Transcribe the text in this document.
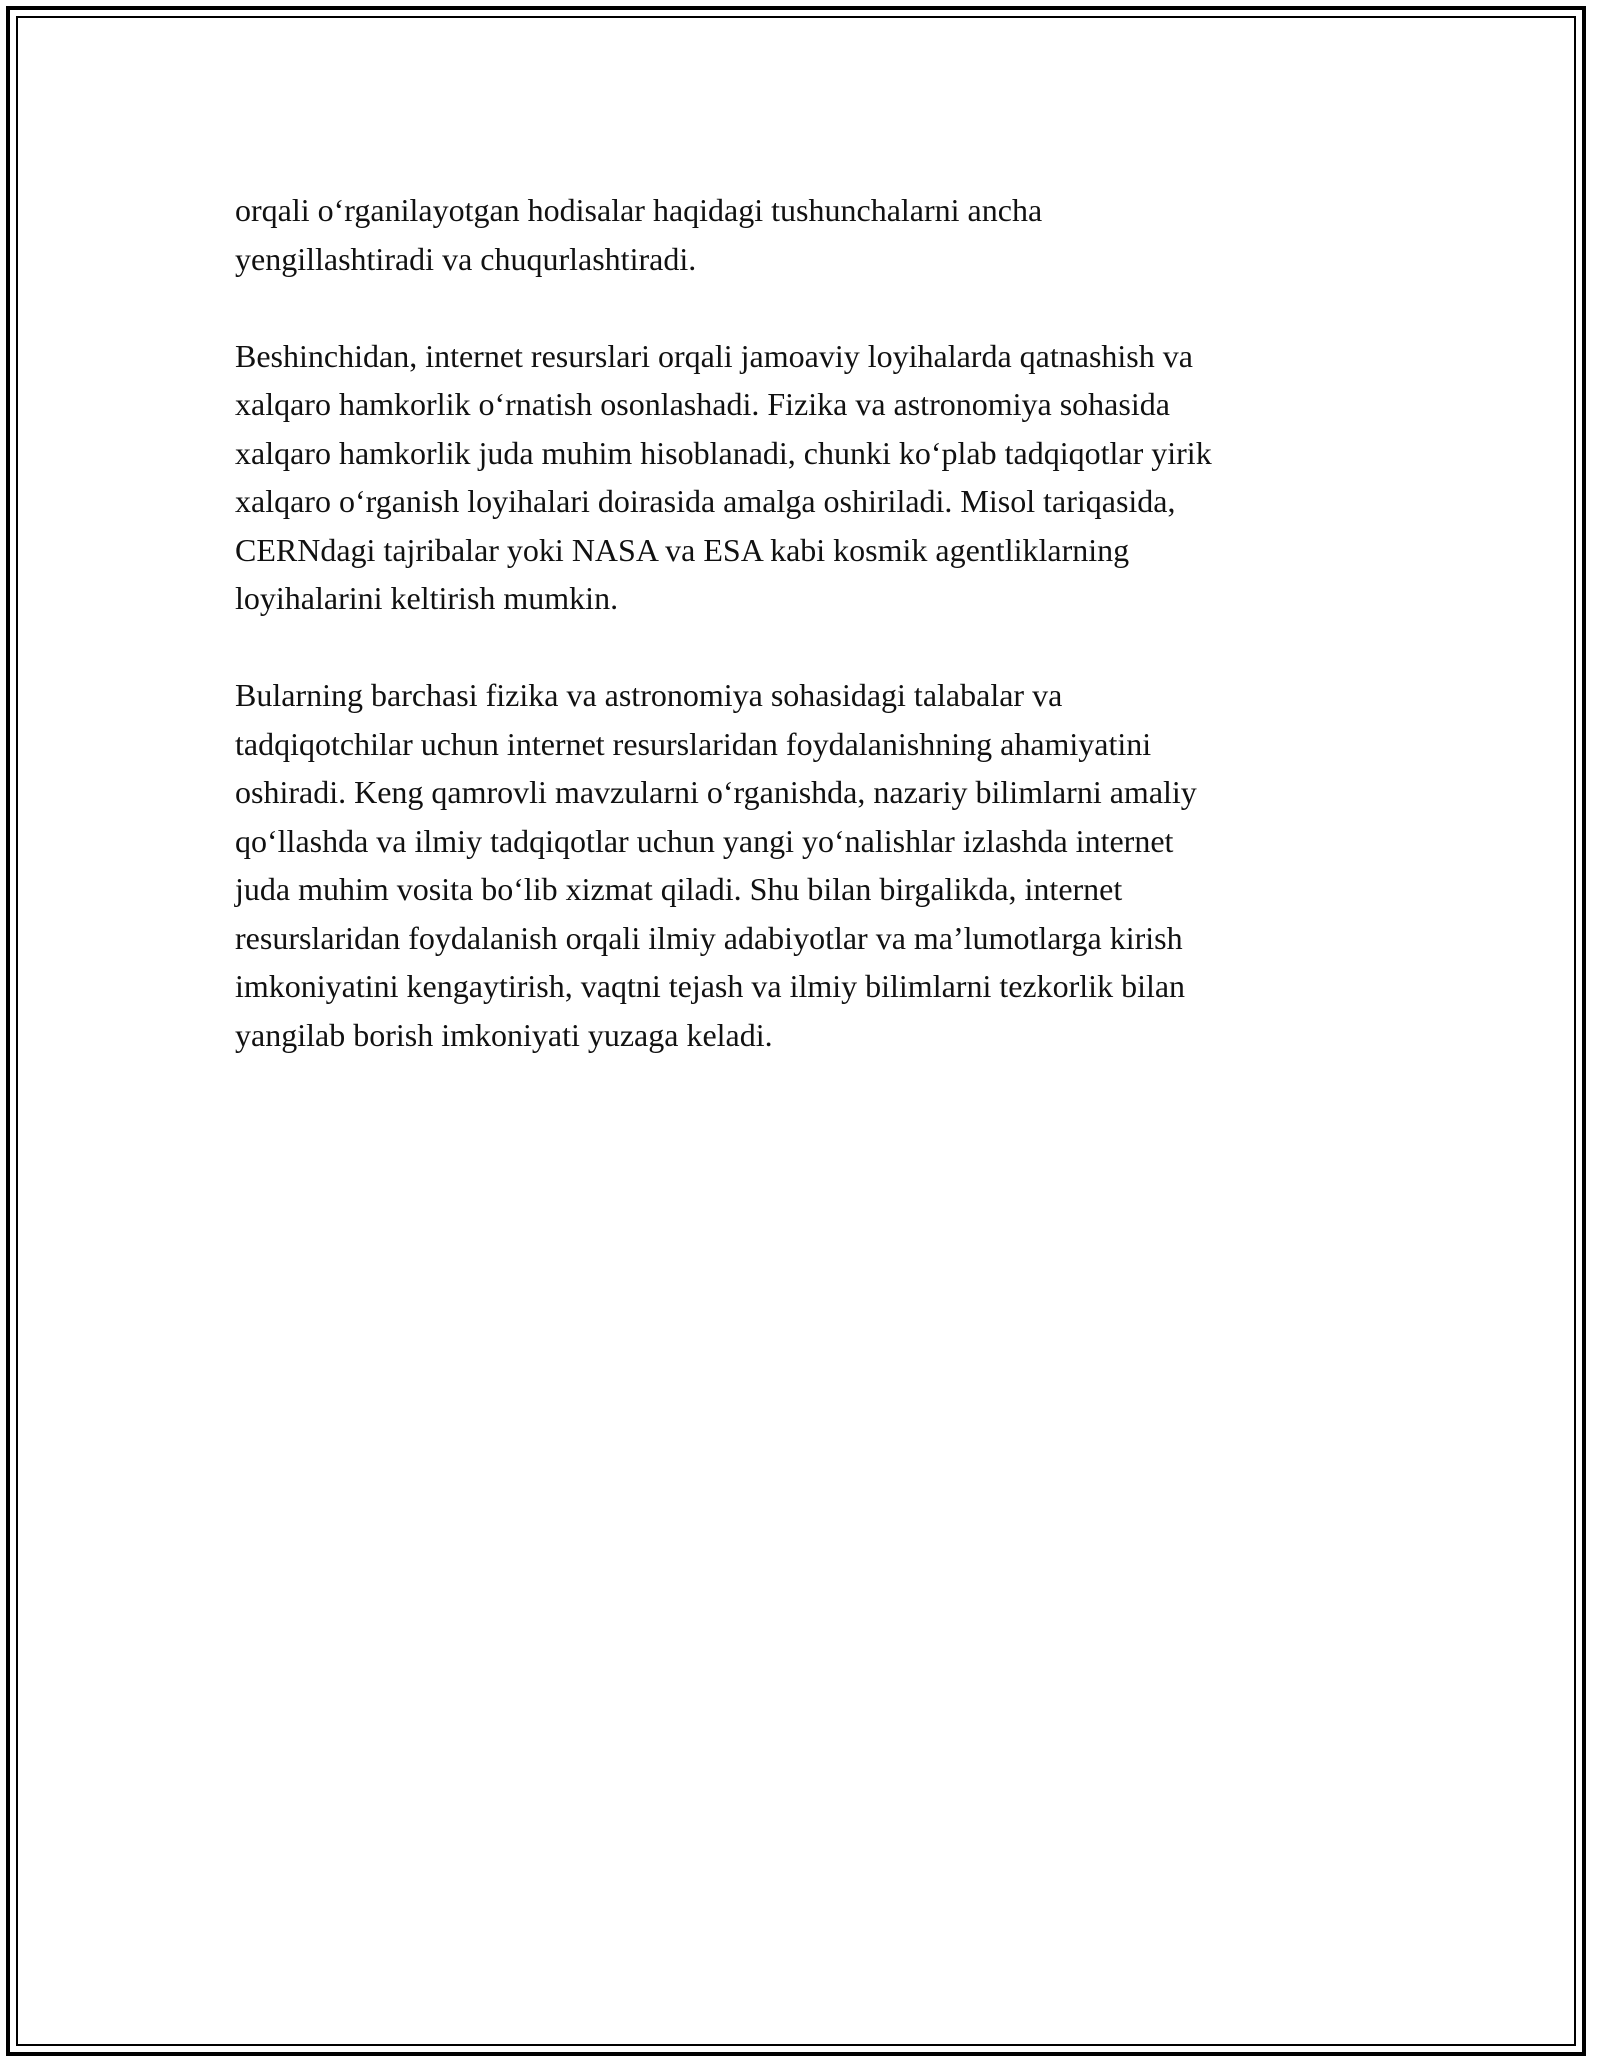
orqali o‘rganilayotgan hodisalar haqidagi tushunchalarni ancha
yengillashtiradi va chuqurlashtiradi.

Beshinchidan, internet resurslari orqali jamoaviy loyihalarda qatnashish va
xalqaro hamkorlik o‘rnatish osonlashadi. Fizika va astronomiya sohasida
xalqaro hamkorlik juda muhim hisoblanadi, chunki ko‘plab tadqiqotlar yirik
xalqaro o‘rganish loyihalari doirasida amalga oshiriladi. Misol tariqasida,
CERNdagi tajribalar yoki NASA va ESA kabi kosmik agentliklarning
loyihalarini keltirish mumkin.

Bularning barchasi fizika va astronomiya sohasidagi talabalar va
tadqiqotchilar uchun internet resurslaridan foydalanishning ahamiyatini
oshiradi. Keng qamrovli mavzularni o‘rganishda, nazariy bilimlarni amaliy
qo‘llashda va ilmiy tadqiqotlar uchun yangi yo‘nalishlar izlashda internet
juda muhim vosita bo‘lib xizmat qiladi. Shu bilan birgalikda, internet
resurslaridan foydalanish orqali ilmiy adabiyotlar va ma’lumotlarga kirish
imkoniyatini kengaytirish, vaqtni tejash va ilmiy bilimlarni tezkorlik bilan
yangilab borish imkoniyati yuzaga keladi.
